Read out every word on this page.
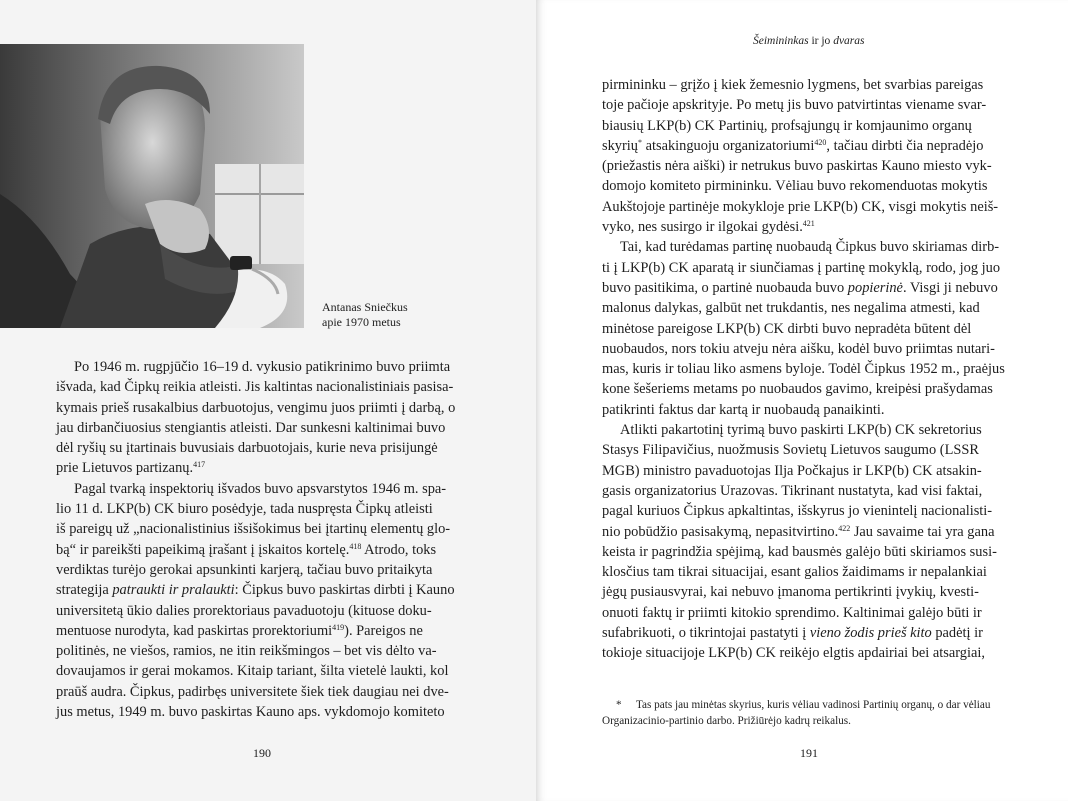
Antanas Sniečkus
apie 1970 metus
Po 1946 m. rugpjūčio 16–19 d. vykusio patikrinimo buvo priimta
išvada, kad Čipkų reikia atleisti. Jis kaltintas nacionalistiniais pasisa-
kymais prieš rusakalbius darbuotojus, vengimu juos priimti į darbą, o
jau dirbančiuosius stengiantis atleisti. Dar sunkesni kaltinimai buvo
dėl ryšių su įtartinais buvusiais darbuotojais, kurie neva prisijungė
prie Lietuvos partizanų.$^{417}$
Pagal tvarką inspektorių išvados buvo apsvarstytos 1946 m. spa-
lio 11 d. LKP(b) CK biuro posėdyje, tada nuspręsta Čipkų atleisti
iš pareigų už „nacionalistinius išsišokimus bei įtartinų elementų glo-
bą“ ir pareikšti papeikimą įrašant į įskaitos kortelę.$^{418}$ Atrodo, toks
verdiktas turėjo gerokai apsunkinti karjerą, tačiau buvo pritaikyta
strategija patraukti ir pralaukti: Čipkus buvo paskirtas dirbti į Kauno
universitetą ūkio dalies prorektoriaus pavaduotoju (kituose doku-
mentuose nurodyta, kad paskirtas prorektoriumi$^{419}$). Pareigos ne
politinės, ne viešos, ramios, ne itin reikšmingos – bet vis dėlto va-
dovaujamos ir gerai mokamos. Kitaip tariant, šilta vietelė laukti, kol
praūš audra. Čipkus, padirbęs universitete šiek tiek daugiau nei dve-
jus metus, 1949 m. buvo paskirtas Kauno aps. vykdomojo komiteto
190
Šeimininkas ir jo dvaras
pirmininku – grįžo į kiek žemesnio lygmens, bet svarbias pareigas
toje pačioje apskrityje. Po metų jis buvo patvirtintas viename svar-
biausių LKP(b) CK Partinių, profsąjungų ir komjaunimo organų
skyrių* atsakinguoju organizatoriumi$^{420}$, tačiau dirbti čia nepradėjo
(priežastis nėra aiški) ir netrukus buvo paskirtas Kauno miesto vyk-
domojo komiteto pirmininku. Vėliau buvo rekomenduotas mokytis
Aukštojoje partinėje mokykloje prie LKP(b) CK, visgi mokytis neiš-
vyko, nes susirgo ir ilgokai gydėsi.$^{421}$
Tai, kad turėdamas partinę nuobaudą Čipkus buvo skiriamas dirb-
ti į LKP(b) CK aparatą ir siunčiamas į partinę mokyklą, rodo, jog juo
buvo pasitikima, o partinė nuobauda buvo popierinė. Visgi ji nebuvo
malonus dalykas, galbūt net trukdantis, nes negalima atmesti, kad
minėtose pareigose LKP(b) CK dirbti buvo nepradėta būtent dėl
nuobaudos, nors tokiu atveju nėra aišku, kodėl buvo priimtas nutari-
mas, kuris ir toliau liko asmens byloje. Todėl Čipkus 1952 m., praėjus
kone šešeriems metams po nuobaudos gavimo, kreipėsi prašydamas
patikrinti faktus dar kartą ir nuobaudą panaikinti.
Atlikti pakartotinį tyrimą buvo paskirti LKP(b) CK sekretorius
Stasys Filipavičius, nuožmusis Sovietų Lietuvos saugumo (LSSR
MGB) ministro pavaduotojas Ilja Počkajus ir LKP(b) CK atsakin-
gasis organizatorius Urazovas. Tikrinant nustatyta, kad visi faktai,
pagal kuriuos Čipkus apkaltintas, išskyrus jo vienintelį nacionalisti-
nio pobūdžio pasisakymą, nepasitvirtino.$^{422}$ Jau savaime tai yra gana
keista ir pagrindžia spėjimą, kad bausmės galėjo būti skiriamos susi-
klosčius tam tikrai situacijai, esant galios žaidimams ir nepalankiai
jėgų pusiausvyrai, kai nebuvo įmanoma pertikrinti įvykių, kvesti-
onuoti faktų ir priimti kitokio sprendimo. Kaltinimai galėjo būti ir
sufabrikuoti, o tikrintojai pastatyti į vieno žodis prieš kito padėtį ir
tokioje situacijoje LKP(b) CK reikėjo elgtis apdairiai bei atsargiai,
* Tas pats jau minėtas skyrius, kuris vėliau vadinosi Partinių organų, o dar vėliau
Organizacinio-partinio darbo. Prižiūrėjo kadrų reikalus.
191
